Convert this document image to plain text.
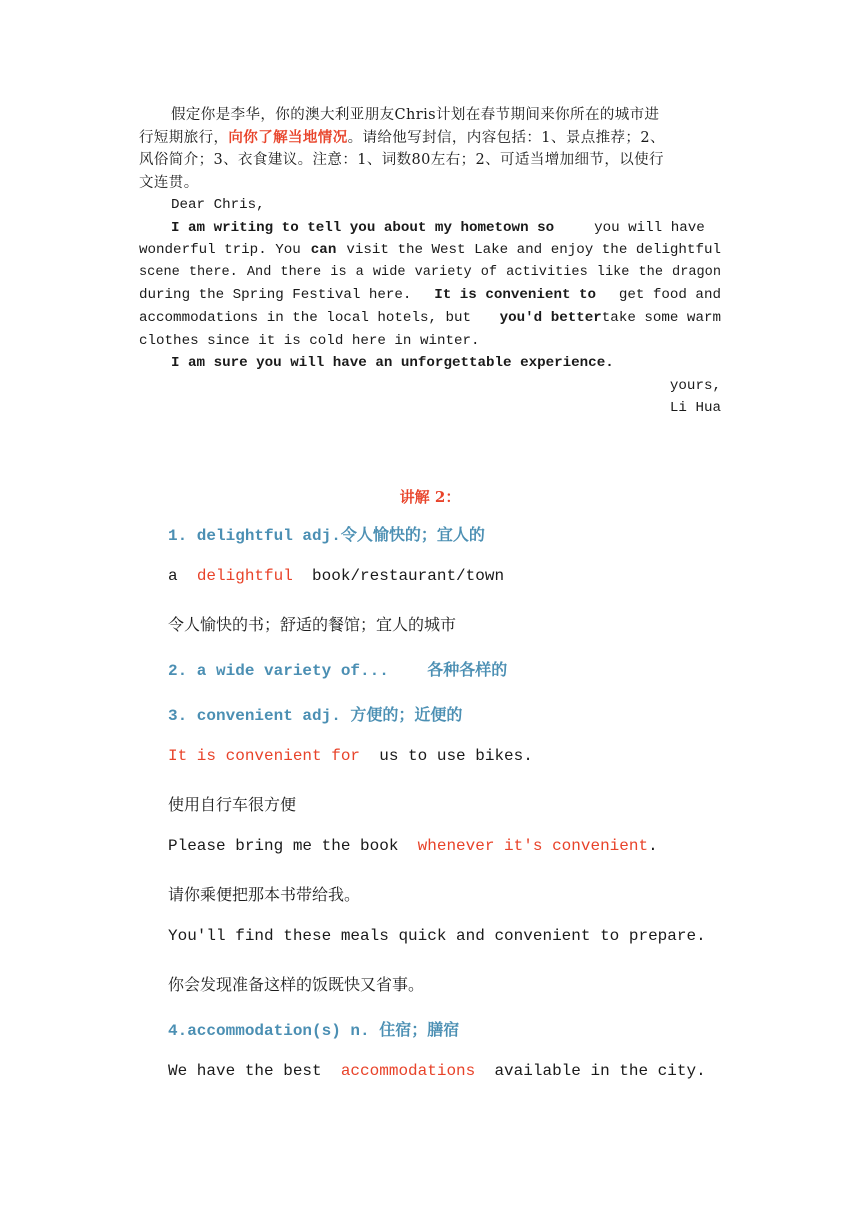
假定你是李华，你的澳大利亚朋友Chris计划在春节期间来你所在的城市进
行短期旅行，向你了解当地情况。请给他写封信，内容包括：1、景点推荐；2、
风俗简介；3、衣食建议。注意：1、词数80左右；2、可适当增加细节，以使行
文连贯。
Dear Chris,
I am writing to tell you about my hometown so	you will have
wonderful trip. You can visit the West Lake and enjoy the delightful
scene there. And there is a wide variety of activities like the dragon
during the Spring Festival here. It is convenient to get food and
accommodations in the local hotels, but you'd bettertake some warm
clothes since it is cold here in winter.
I am sure you will have an unforgettable experience.
yours,
Li Hua
讲解 2：
1. delightful adj.令人愉快的；宜人的
a delightful book/restaurant/town
令人愉快的书；舒适的餐馆；宜人的城市
2. a wide variety of...    各种各样的
3. convenient adj. 方便的；近便的
It is convenient for us to use bikes.
使用自行车很方便
Please bring me the book whenever it's convenient.
请你乘便把那本书带给我。
You'll find these meals quick and convenient to prepare.
你会发现准备这样的饭既快又省事。
4.accommodation(s) n. 住宿；膳宿
We have the best accommodations available in the city.
